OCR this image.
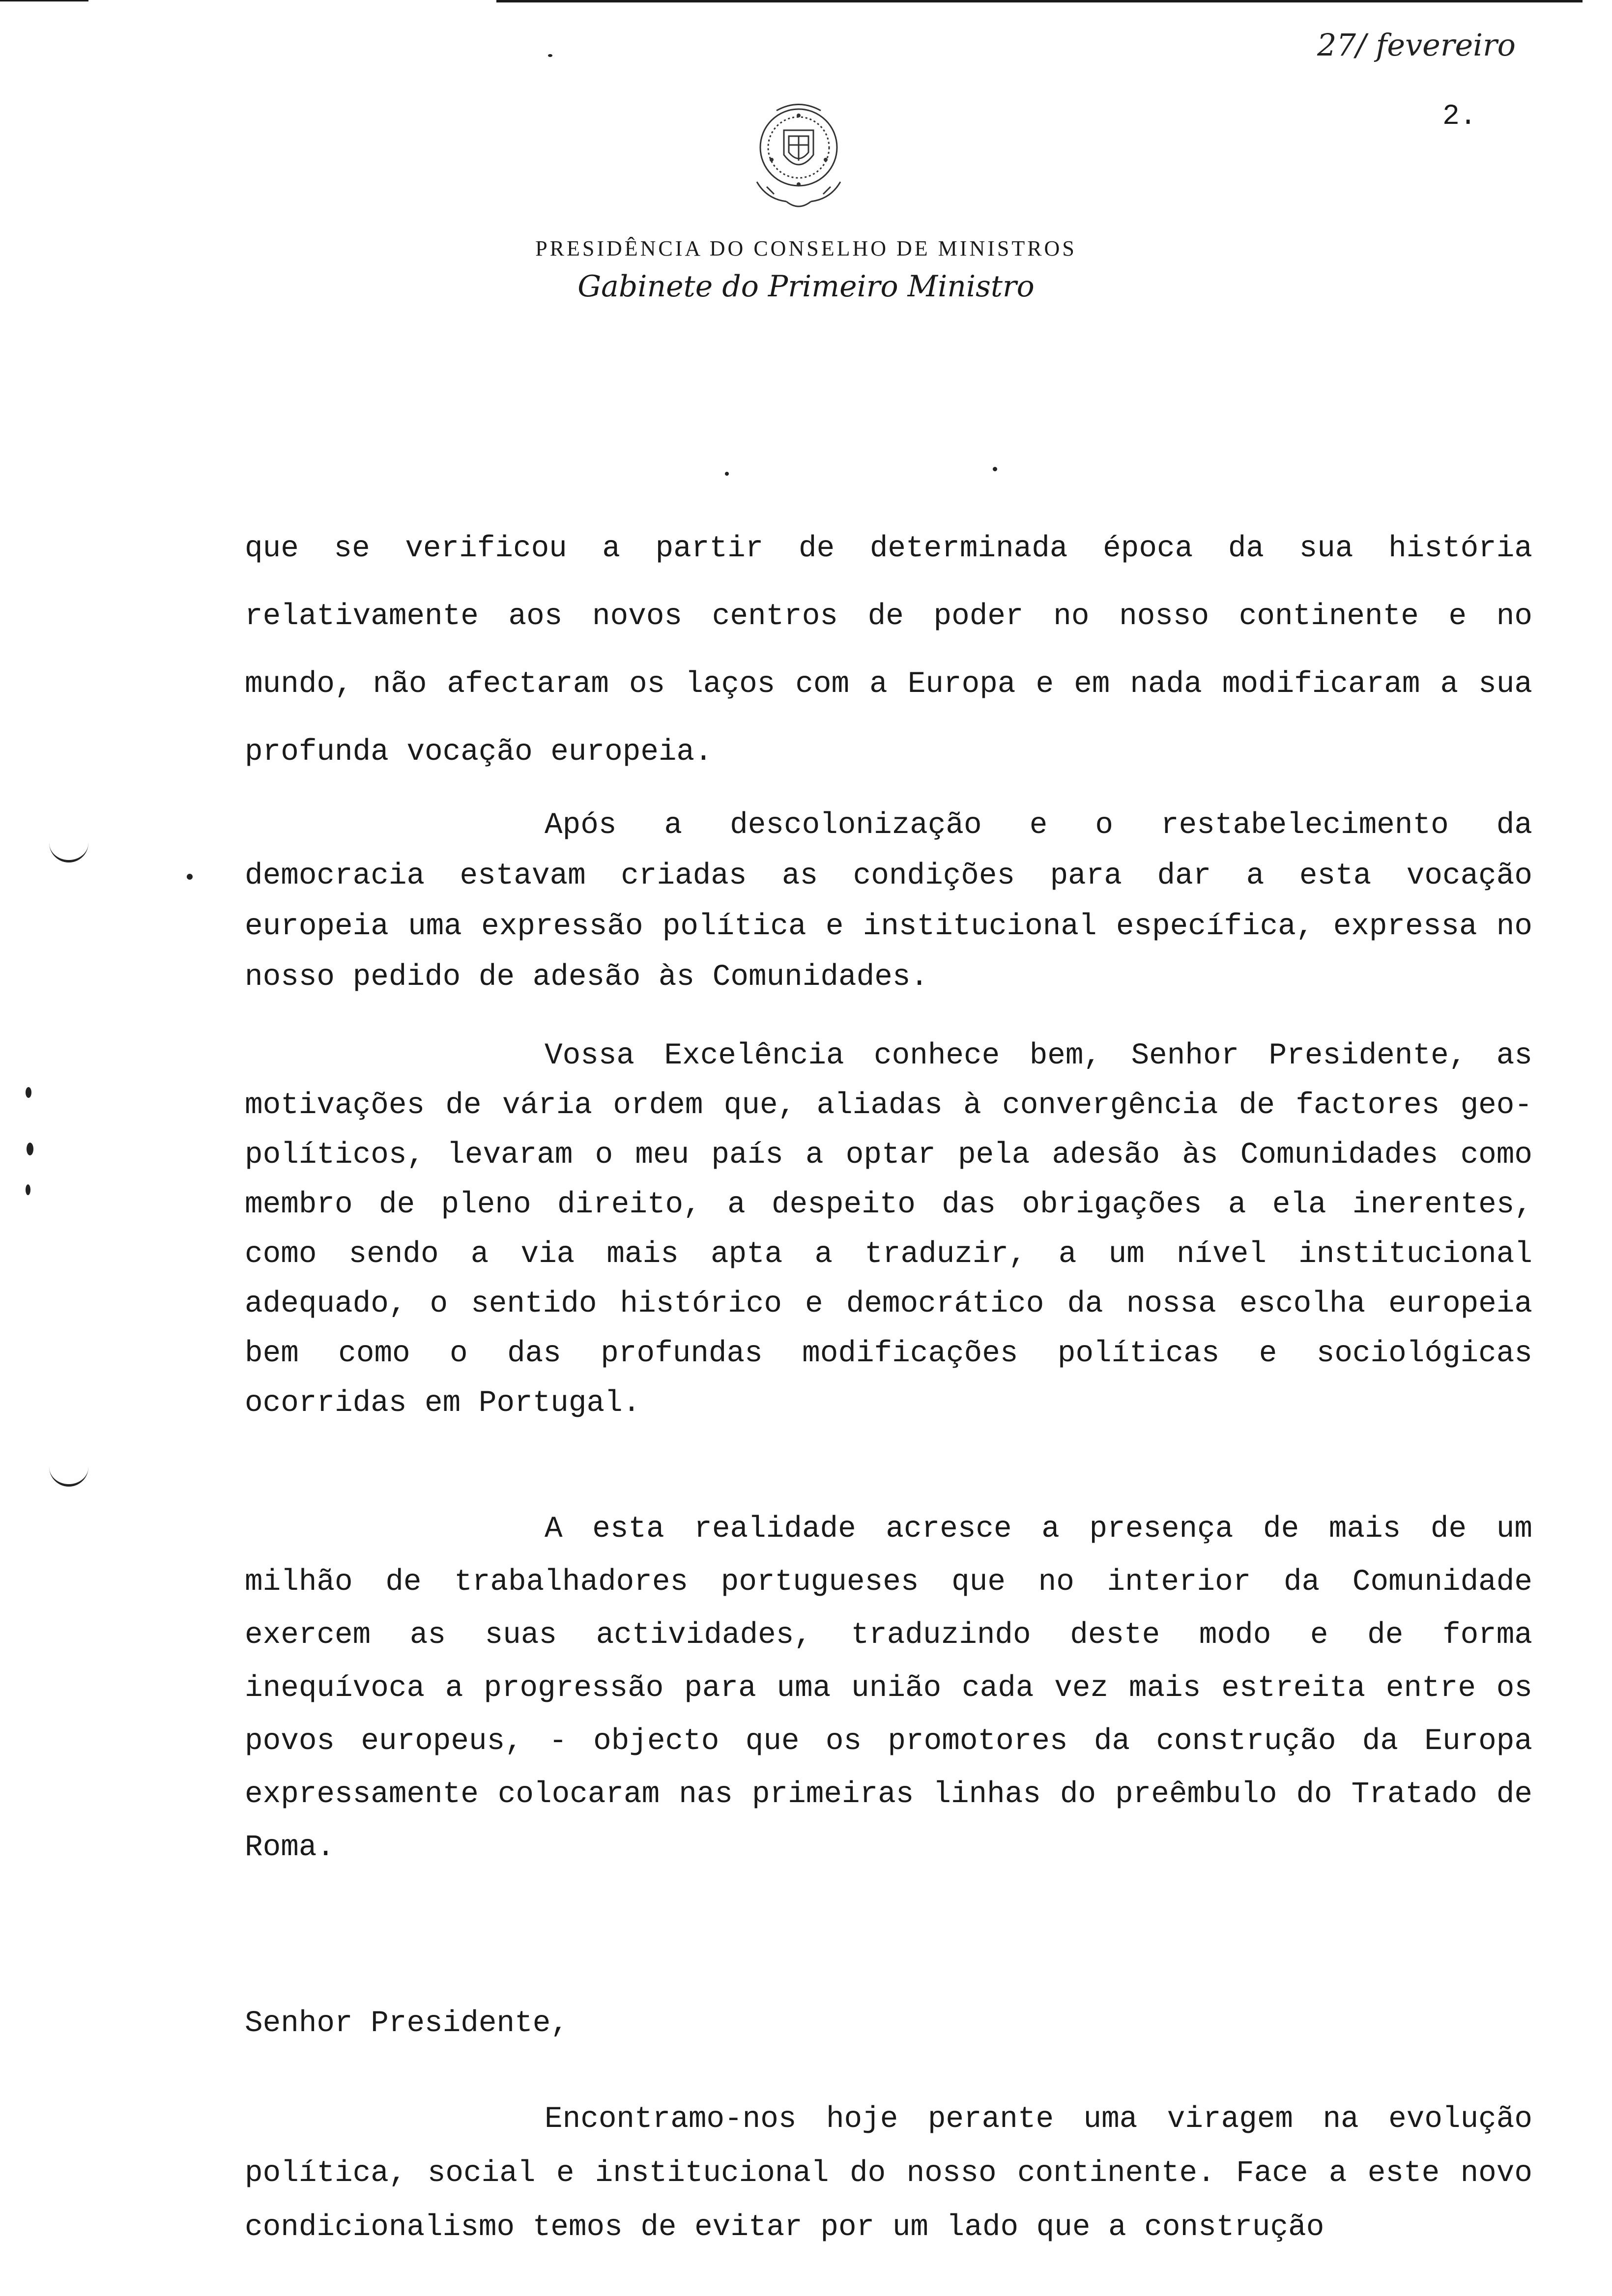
27/ fevereiro
2.
PRESIDÊNCIA DO CONSELHO DE MINISTROS
Gabinete do Primeiro Ministro

que se verificou a partir de determinada época da sua história relativamente aos novos centros de poder no nosso continente e no mundo, não afectaram os laços com a Europa e em nada modificaram a sua profunda vocação europeia.

Após a descolonização e o restabelecimento da democracia estavam criadas as condições para dar a esta vocação europeia uma expressão política e institucional específica, expressa no nosso pedido de adesão às Comunidades.

Vossa Excelência conhece bem, Senhor Presidente, as motivações de vária ordem que, aliadas à convergência de factores geo-políticos, levaram o meu país a optar pela adesão às Comunidades como membro de pleno direito, a despeito das obrigações a ela inerentes, como sendo a via mais apta a traduzir, a um nível institucional adequado, o sentido histórico e democrático da nossa escolha europeia bem como o das profundas modificações políticas e sociológicas ocorridas em Portugal.

A esta realidade acresce a presença de mais de um milhão de trabalhadores portugueses que no interior da Comunidade exercem as suas actividades, traduzindo deste modo e de forma inequívoca a progressão para uma união cada vez mais estreita entre os povos europeus, - objecto que os promotores da construção da Europa expressamente colocaram nas primeiras linhas do preêmbulo do Tratado de Roma.

Senhor Presidente,

Encontramo-nos hoje perante uma viragem na evolução política, social e institucional do nosso continente. Face a este novo condicionalismo temos de evitar por um lado que a construção
